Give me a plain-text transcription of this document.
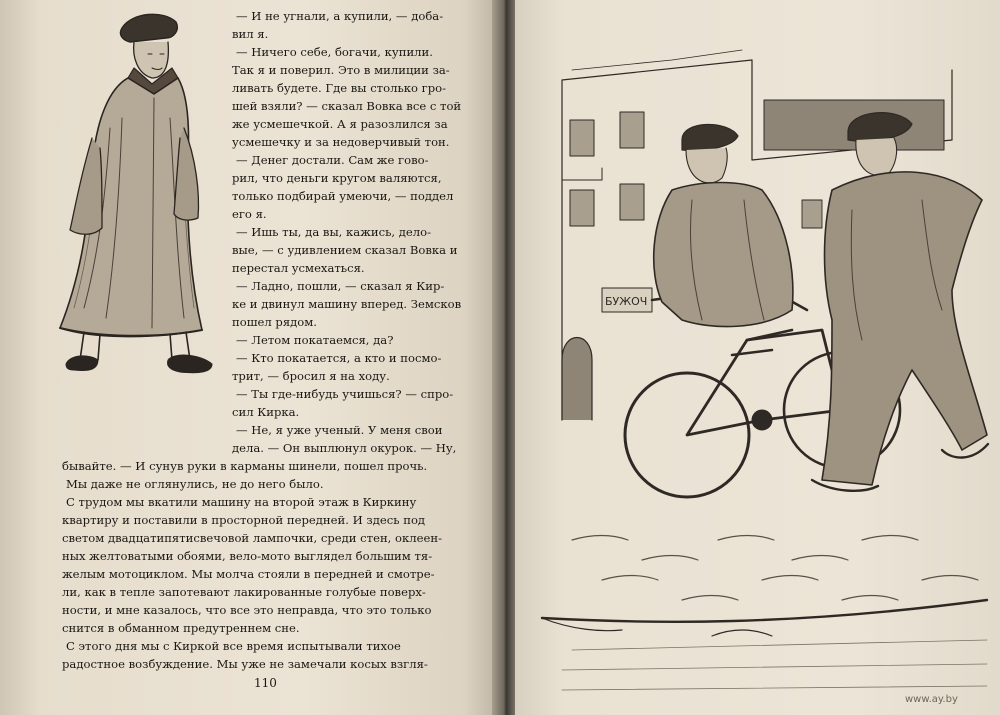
— И не угнали, а купили, — доба-
вил я.
— Ничего себе, богачи, купили.
Так я и поверил. Это в милиции за-
ливать будете. Где вы столько гро-
шей взяли? — сказал Вовка все с той
же усмешечкой. А я разозлился за
усмешечку и за недоверчивый тон.
— Денег достали. Сам же гово-
рил, что деньги кругом валяются,
только подбирай умеючи, — поддел
его я.
— Ишь ты, да вы, кажись, дело-
вые, — с удивлением сказал Вовка и
перестал усмехаться.
— Ладно, пошли, — сказал я Кир-
ке и двинул машину вперед. Земсков
пошел рядом.
— Летом покатаемся, да?
— Кто покатается, а кто и посмо-
трит, — бросил я на ходу.
— Ты где-нибудь учишься? — спро-
сил Кирка.
— Не, я уже ученый. У меня свои
дела. — Он выплюнул окурок. — Ну,
бывайте. — И сунув руки в карманы шинели, пошел прочь.
Мы даже не оглянулись, не до него было.
С трудом мы вкатили машину на второй этаж в Киркину
квартиру и поставили в просторной передней. И здесь под
светом двадцатипятисвечовой лампочки, среди стен, оклеен-
ных желтоватыми обоями, вело-мото выглядел большим тя-
желым мотоциклом. Мы молча стояли в передней и смотре-
ли, как в тепле запотевают лакированные голубые поверх-
ности, и мне казалось, что все это неправда, что это только
снится в обманном предутреннем сне.
С этого дня мы с Киркой все время испытывали тихое
радостное возбуждение. Мы уже не замечали косых взгля-
110
БУЖОЧ
www.ay.by
